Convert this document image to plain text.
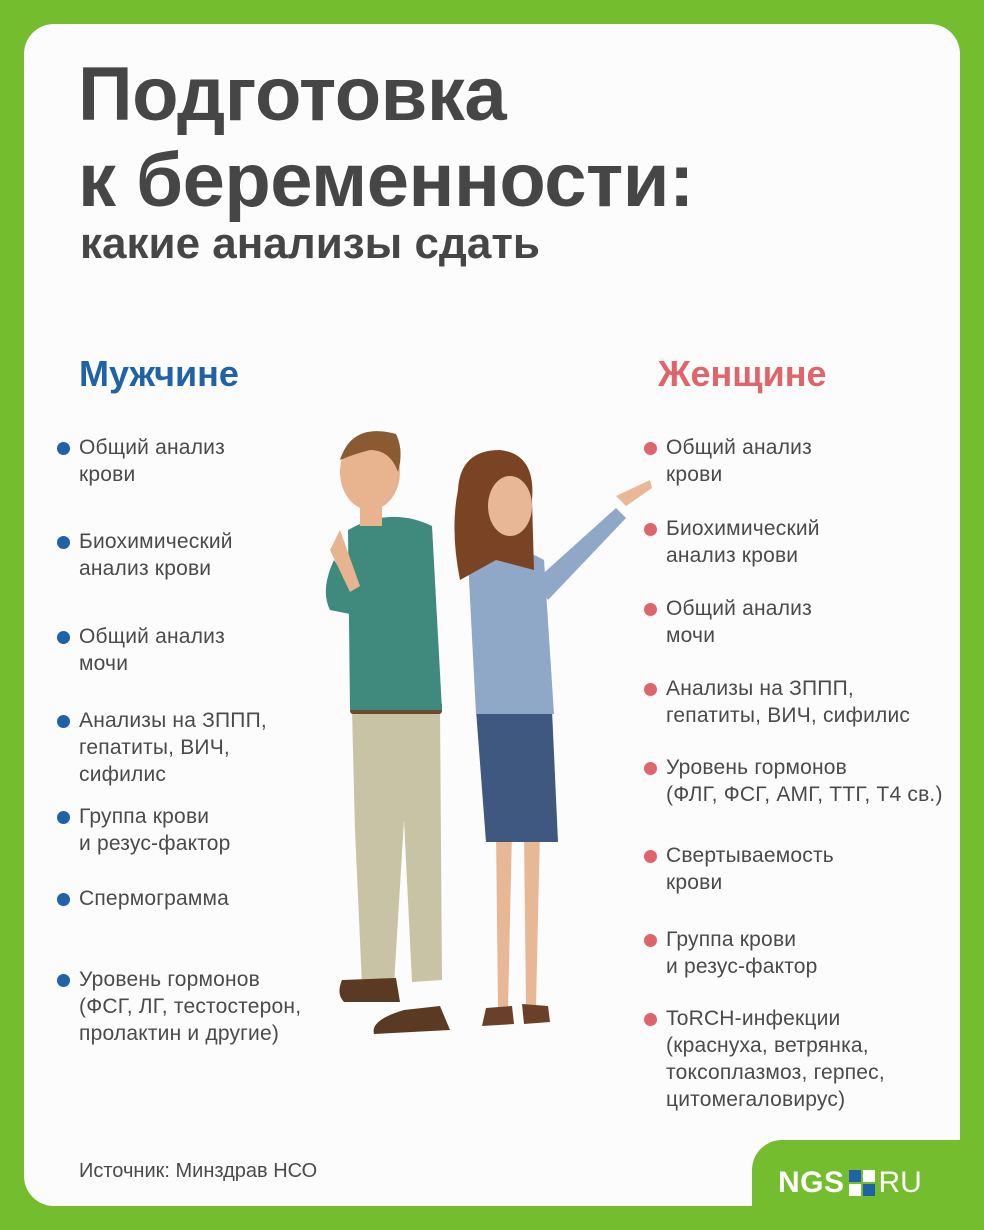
Подготовка
к беременности:
какие анализы сдать
Мужчине	Женщине
Общий анализ
крови
Биохимический
анализ крови
Общий анализ
мочи
Анализы на ЗППП,
гепатиты, ВИЧ,
сифилис
Группа крови
и резус-фактор
Спермограмма
Уровень гормонов
(ФСГ, ЛГ, тестостерон,
пролактин и другие)
Общий анализ
крови
Биохимический
анализ крови
Общий анализ
мочи
Анализы на ЗППП,
гепатиты, ВИЧ, сифилис
Уровень гормонов
(ФЛГ, ФСГ, АМГ, ТТГ, Т4 св.)
Свертываемость
крови
Группа крови
и резус-фактор
ToRCH-инфекции
(краснуха, ветрянка,
токсоплазмоз, герпес,
цитомегаловирус)
Источник: Минздрав НСО	NGS RU
